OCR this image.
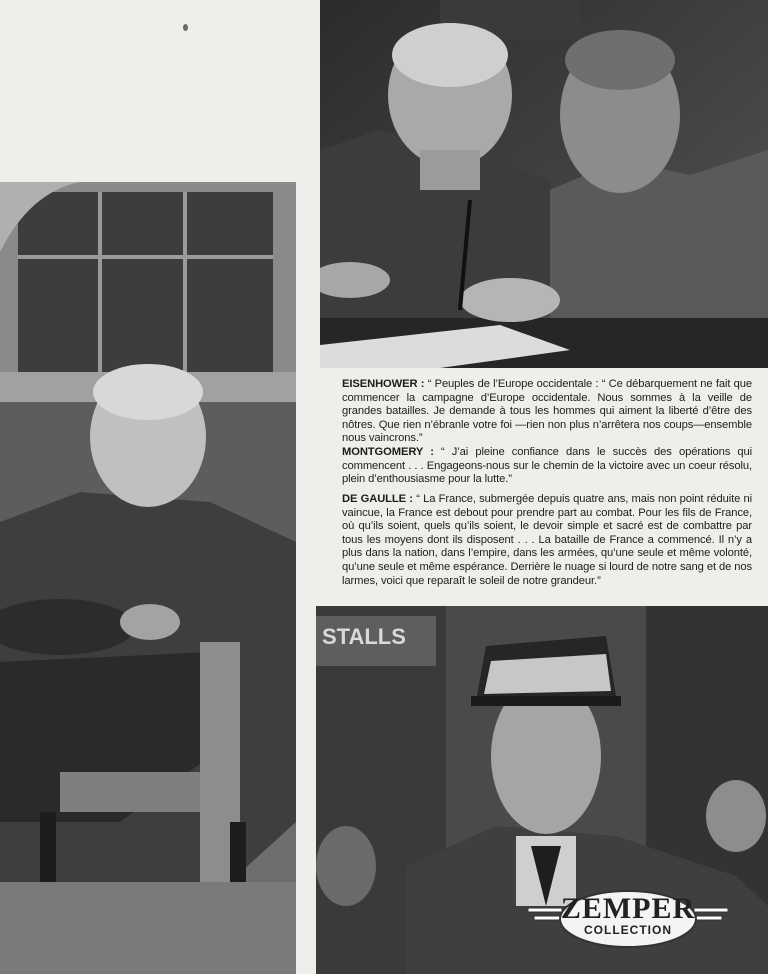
STALLS

EISENHOWER : “ Peuples de l’Europe occidentale : “ Ce débarquement ne fait que commencer la campagne d’Europe occidentale. Nous sommes à la veille de grandes batailles. Je demande à tous les hommes qui aiment la liberté d’être des nôtres. Que rien n’ébranle votre foi —rien non plus n’arrêtera nos coups—ensemble nous vaincrons.”

MONTGOMERY : “ J’ai pleine confiance dans le succès des opérations qui commencent . . . Engageons-nous sur le chemin de la victoire avec un coeur résolu, plein d’enthousiasme pour la lutte.”

DE GAULLE : “ La France, submergée depuis quatre ans, mais non point réduite ni vaincue, la France est debout pour prendre part au combat. Pour les fils de France, où qu’ils soient, quels qu’ils soient, le devoir simple et sacré est de combattre par tous les moyens dont ils disposent . . . La bataille de France a commencé. Il n’y a plus dans la nation, dans l’empire, dans les armées, qu’une seule et même volonté, qu’une seule et même espérance. Derrière le nuage si lourd de notre sang et de nos larmes, voici que reparaît le soleil de notre grandeur.”

ZEMPER
COLLECTION
